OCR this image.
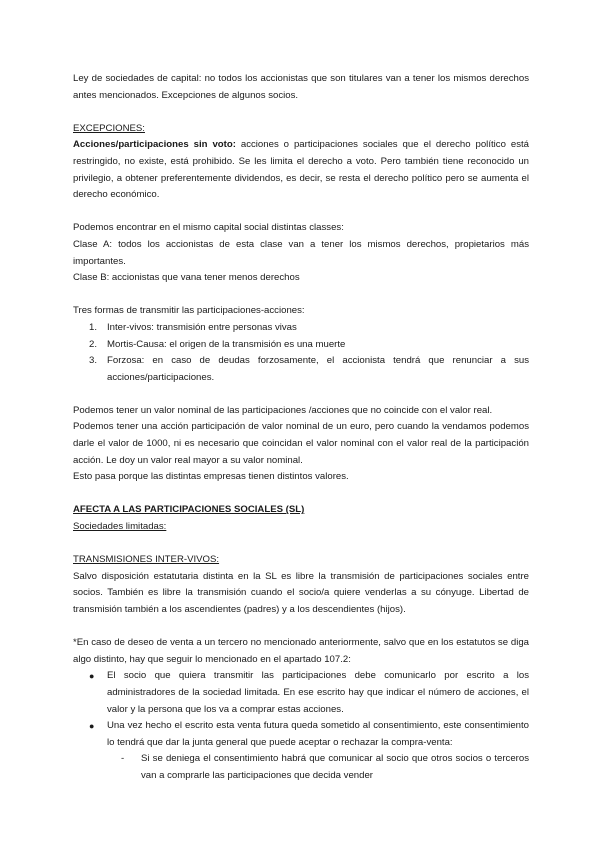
Ley de sociedades de capital: no todos los accionistas que son titulares van a tener los mismos derechos antes mencionados. Excepciones de algunos socios.

EXCEPCIONES:

Acciones/participaciones sin voto: acciones o participaciones sociales que el derecho político está restringido, no existe, está prohibido. Se les limita el derecho a voto. Pero también tiene reconocido un privilegio, a obtener preferentemente dividendos, es decir, se resta el derecho político pero se aumenta el derecho económico.

Podemos encontrar en el mismo capital social distintas classes:

Clase A: todos los accionistas de esta clase van a tener los mismos derechos, propietarios más importantes.

Clase B: accionistas que vana tener menos derechos

Tres formas de transmitir las participaciones-acciones:

1. Inter-vivos: transmisión entre personas vivas
2. Mortis-Causa: el origen de la transmisión es una muerte
3. Forzosa: en caso de deudas forzosamente, el accionista tendrá que renunciar a sus acciones/participaciones.

Podemos tener un valor nominal de las participaciones /acciones que no coincide con el valor real.

Podemos tener una acción participación de valor nominal de un euro, pero cuando la vendamos podemos darle el valor de 1000, ni es necesario que coincidan el valor nominal con el valor real de la participación acción. Le doy un valor real mayor a su valor nominal.

Esto pasa porque las distintas empresas tienen distintos valores.

AFECTA A LAS PARTICIPACIONES SOCIALES (SL)

Sociedades limitadas:

TRANSMISIONES INTER-VIVOS:

Salvo disposición estatutaria distinta en la SL es libre la transmisión de participaciones sociales entre socios. También es libre la transmisión cuando el socio/a quiere venderlas a su cónyuge. Libertad de transmisión también a los ascendientes (padres) y a los descendientes (hijos).

*En caso de deseo de venta a un tercero no mencionado anteriormente, salvo que en los estatutos se diga algo distinto, hay que seguir lo mencionado en el apartado 107.2:

● El socio que quiera transmitir las participaciones debe comunicarlo por escrito a los administradores de la sociedad limitada. En ese escrito hay que indicar el número de acciones, el valor y la persona que los va a comprar estas acciones.
● Una vez hecho el escrito esta venta futura queda sometido al consentimiento, este consentimiento lo tendrá que dar la junta general que puede aceptar o rechazar la compra-venta:
- Si se deniega el consentimiento habrá que comunicar al socio que otros socios o terceros van a comprarle las participaciones que decida vender
